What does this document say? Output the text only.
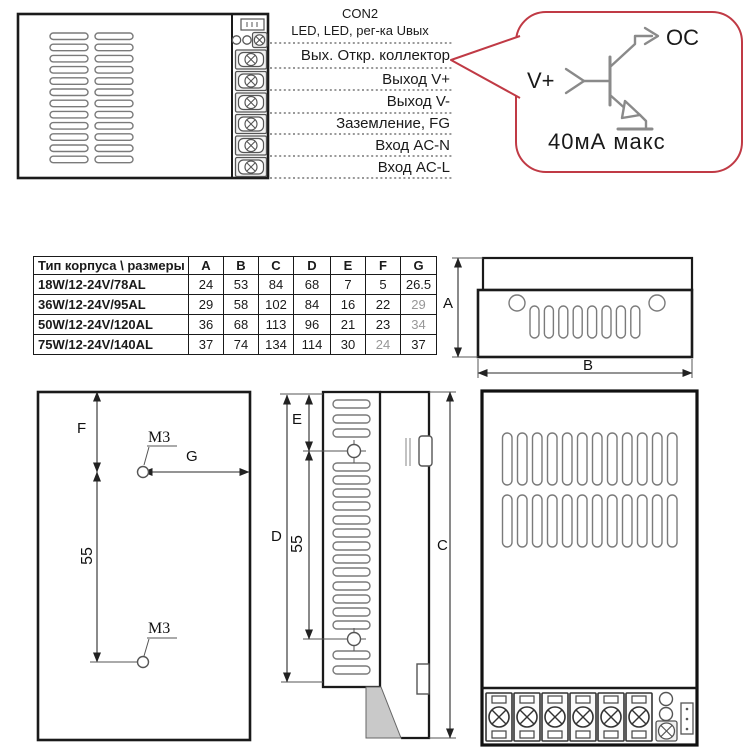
CON2
LED, LED, рег-ка Uвых
Вых. Откр. коллектор
Выход V+
Выход V-
Заземление, FG
Вход AC-N
Вход AC-L
V+
OC
40мА макс
Тип корпуса \ размеры	A	B	C	D	E	F	G
18W/12-24V/78AL	24	53	84	68	7	5	26.5
36W/12-24V/95AL	29	58	102	84	16	22	29
50W/12-24V/120AL	36	68	113	96	21	23	34
75W/12-24V/140AL	37	74	134	114	30	24	37
A
B
F
G
M3
M3
55
E
D
C
55
